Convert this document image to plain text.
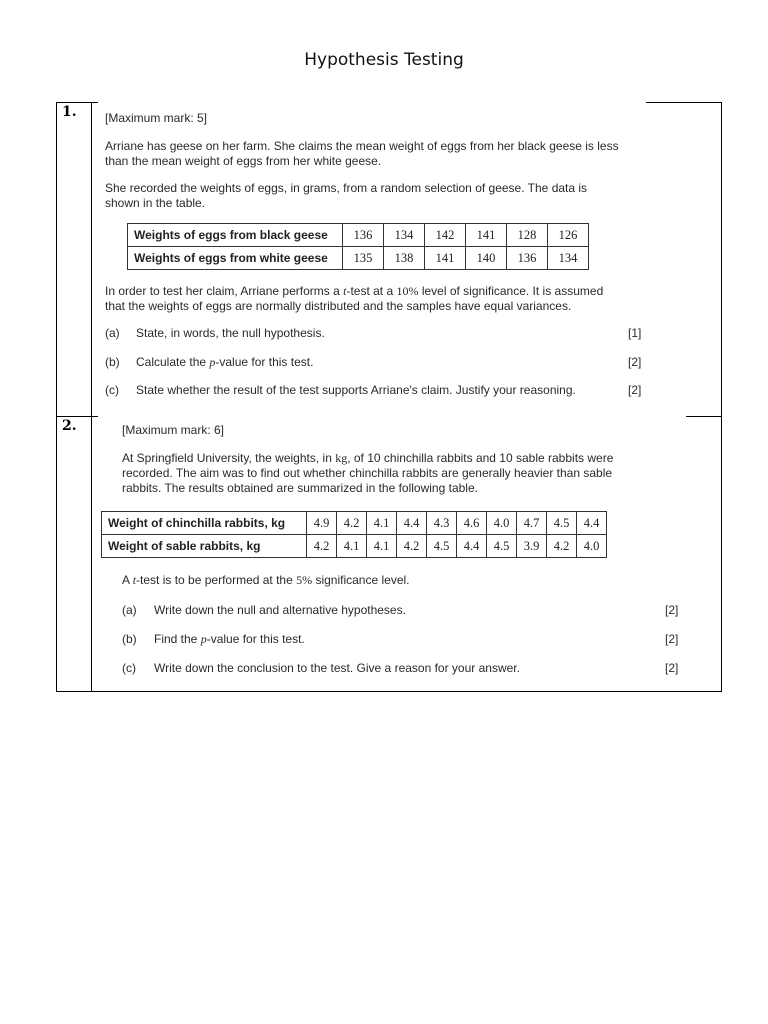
Hypothesis Testing
1. [Maximum mark: 5]

Arriane has geese on her farm. She claims the mean weight of eggs from her black geese is less than the mean weight of eggs from her white geese.

She recorded the weights of eggs, in grams, from a random selection of geese. The data is shown in the table.

Weights of eggs from black geese	136	134	142	141	128	126
Weights of eggs from white geese	135	138	141	140	136	134

In order to test her claim, Arriane performs a t-test at a 10% level of significance. It is assumed that the weights of eggs are normally distributed and the samples have equal variances.

(a) State, in words, the null hypothesis.	[1]
(b) Calculate the p-value for this test.	[2]
(c) State whether the result of the test supports Arriane's claim. Justify your reasoning.	[2]
2.	[Maximum mark: 6]

At Springfield University, the weights, in kg, of 10 chinchilla rabbits and 10 sable rabbits were recorded. The aim was to find out whether chinchilla rabbits are generally heavier than sable rabbits. The results obtained are summarized in the following table.

Weight of chinchilla rabbits, kg	4.9	4.2	4.1	4.4	4.3	4.6	4.0	4.7	4.5	4.4
Weight of sable rabbits, kg	4.2	4.1	4.1	4.2	4.5	4.4	4.5	3.9	4.2	4.0

A t-test is to be performed at the 5% significance level.

(a) Write down the null and alternative hypotheses.	[2]
(b) Find the p-value for this test.	[2]
(c) Write down the conclusion to the test. Give a reason for your answer.	[2]
